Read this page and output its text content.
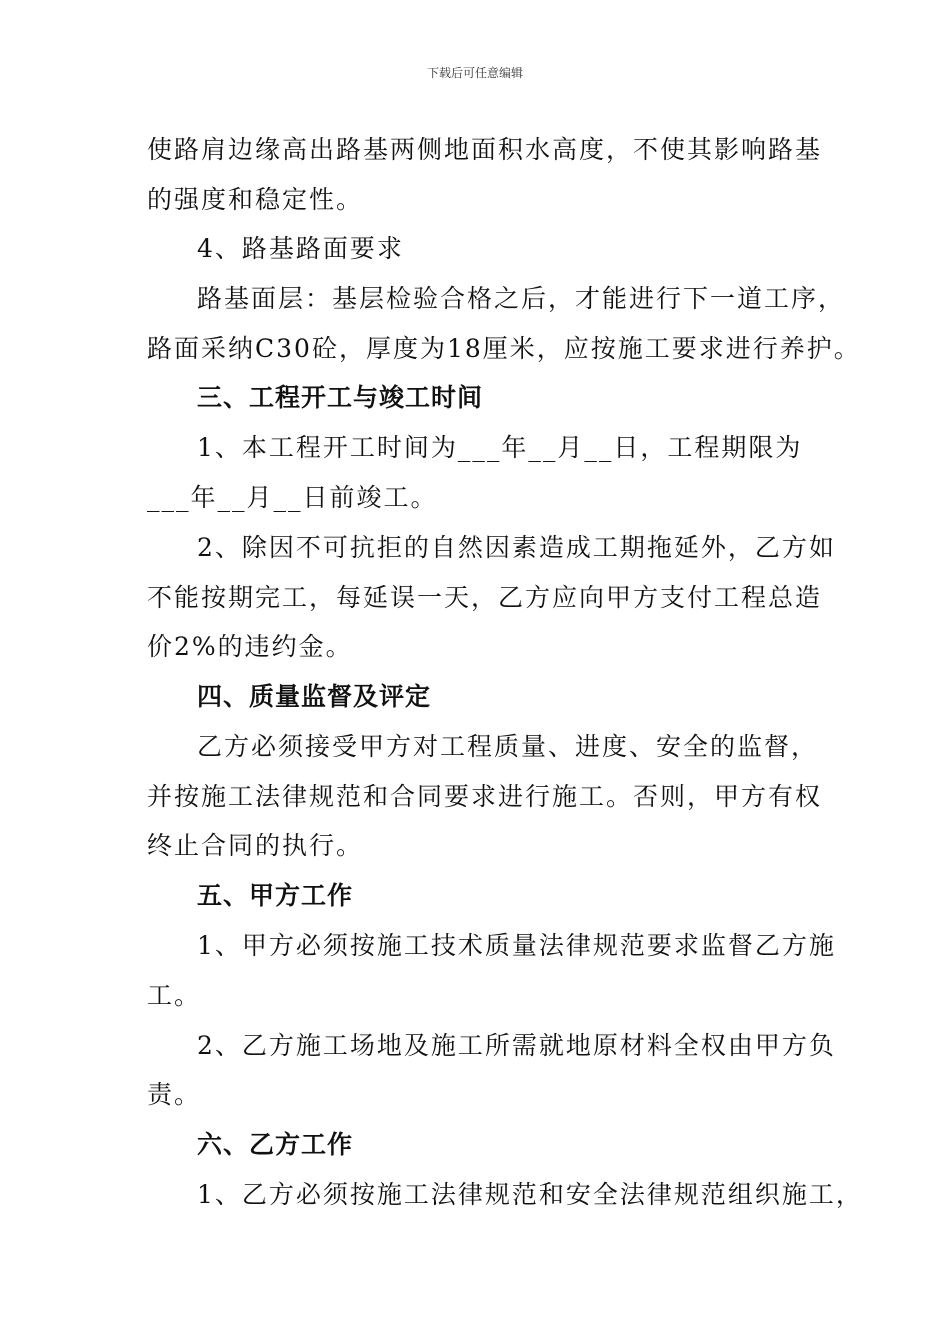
下载后可任意编辑
使路肩边缘高出路基两侧地面积水高度，不使其影响路基
的强度和稳定性。
4、路基路面要求
路基面层：基层检验合格之后，才能进行下一道工序，
路面采纳C30砼，厚度为18厘米，应按施工要求进行养护。
三、工程开工与竣工时间
1、本工程开工时间为___年__月__日，工程期限为
___年__月__日前竣工。
2、除因不可抗拒的自然因素造成工期拖延外，乙方如
不能按期完工，每延误一天，乙方应向甲方支付工程总造
价2%的违约金。
四、质量监督及评定
乙方必须接受甲方对工程质量、进度、安全的监督，
并按施工法律规范和合同要求进行施工。否则，甲方有权
终止合同的执行。
五、甲方工作
1、甲方必须按施工技术质量法律规范要求监督乙方施
工。
2、乙方施工场地及施工所需就地原材料全权由甲方负
责。
六、乙方工作
1、乙方必须按施工法律规范和安全法律规范组织施工，
